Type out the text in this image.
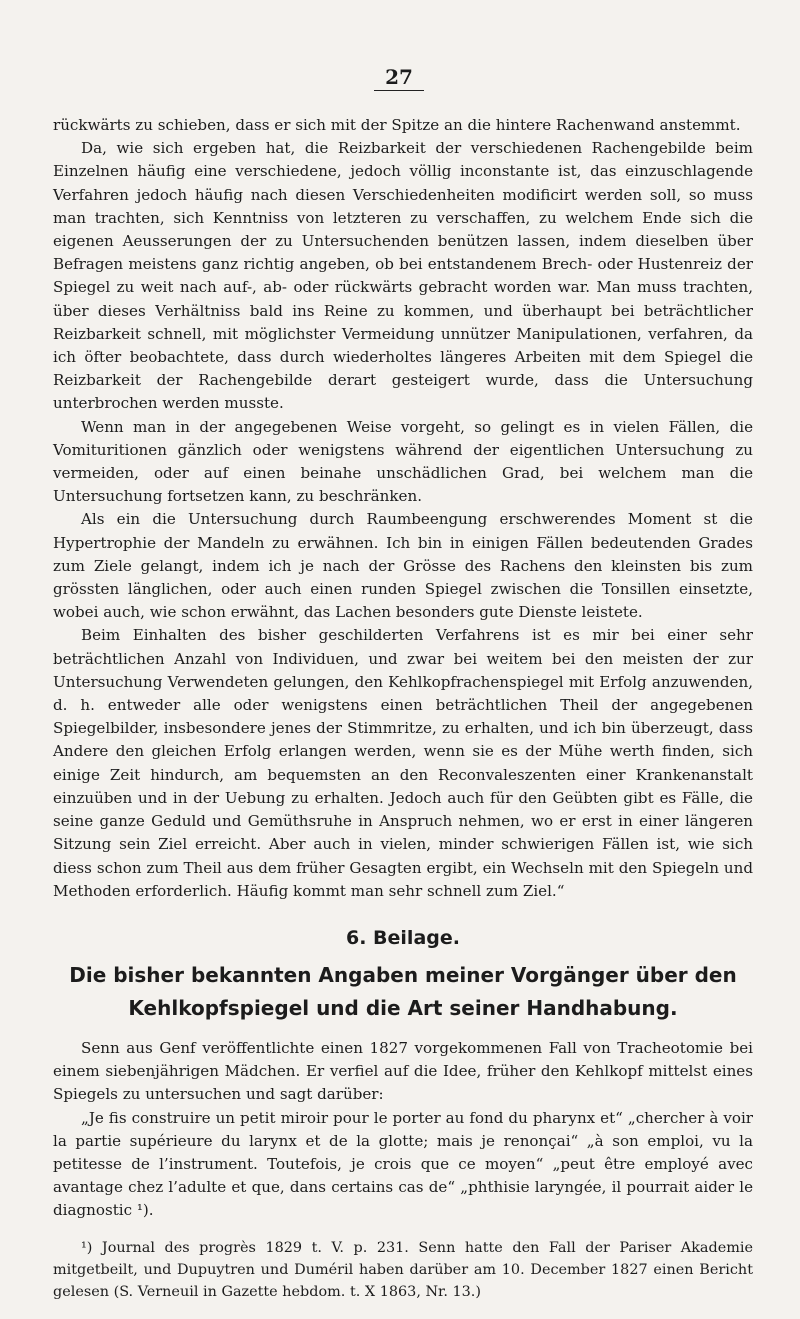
27

rückwärts zu schieben, dass er sich mit der Spitze an die hintere Rachenwand anstemmt.

Da, wie sich ergeben hat, die Reizbarkeit der verschiedenen Rachengebilde beim Einzelnen häufig eine verschiedene, jedoch völlig inconstante ist, das einzuschlagende Verfahren jedoch häufig nach diesen Verschiedenheiten modificirt werden soll, so muss man trachten, sich Kenntniss von letzteren zu verschaffen, zu welchem Ende sich die eigenen Aeusserungen der zu Untersuchenden benützen lassen, indem dieselben über Befragen meistens ganz richtig angeben, ob bei entstandenem Brech- oder Hustenreiz der Spiegel zu weit nach auf-, ab- oder rückwärts gebracht worden war. Man muss trachten, über dieses Verhältniss bald ins Reine zu kommen, und überhaupt bei beträchtlicher Reizbarkeit schnell, mit möglichster Vermeidung unnützer Manipulationen, verfahren, da ich öfter beobachtete, dass durch wiederholtes längeres Arbeiten mit dem Spiegel die Reizbarkeit der Rachengebilde derart gesteigert wurde, dass die Untersuchung unterbrochen werden musste.

Wenn man in der angegebenen Weise vorgeht, so gelingt es in vielen Fällen, die Vomituritionen gänzlich oder wenigstens während der eigentlichen Untersuchung zu vermeiden, oder auf einen beinahe unschädlichen Grad, bei welchem man die Untersuchung fortsetzen kann, zu beschränken.

Als ein die Untersuchung durch Raumbeengung erschwerendes Moment st die Hypertrophie der Mandeln zu erwähnen. Ich bin in einigen Fällen bedeutenden Grades zum Ziele gelangt, indem ich je nach der Grösse des Rachens den kleinsten bis zum grössten länglichen, oder auch einen runden Spiegel zwischen die Tonsillen einsetzte, wobei auch, wie schon erwähnt, das Lachen besonders gute Dienste leistete.

Beim Einhalten des bisher geschilderten Verfahrens ist es mir bei einer sehr beträchtlichen Anzahl von Individuen, und zwar bei weitem bei den meisten der zur Untersuchung Verwendeten gelungen, den Kehlkopfrachenspiegel mit Erfolg anzuwenden, d. h. entweder alle oder wenigstens einen beträchtlichen Theil der angegebenen Spiegelbilder, insbesondere jenes der Stimmritze, zu erhalten, und ich bin überzeugt, dass Andere den gleichen Erfolg erlangen werden, wenn sie es der Mühe werth finden, sich einige Zeit hindurch, am bequemsten an den Reconvaleszenten einer Krankenanstalt einzuüben und in der Uebung zu erhalten. Jedoch auch für den Geübten gibt es Fälle, die seine ganze Geduld und Gemüthsruhe in Anspruch nehmen, wo er erst in einer längeren Sitzung sein Ziel erreicht. Aber auch in vielen, minder schwierigen Fällen ist, wie sich diess schon zum Theil aus dem früher Gesagten ergibt, ein Wechseln mit den Spiegeln und Methoden erforderlich. Häufig kommt man sehr schnell zum Ziel.“

6. Beilage.
Die bisher bekannten Angaben meiner Vorgänger über den Kehlkopfspiegel und die Art seiner Handhabung.

Senn aus Genf veröffentlichte einen 1827 vorgekommenen Fall von Tracheotomie bei einem siebenjährigen Mädchen. Er verfiel auf die Idee, früher den Kehlkopf mittelst eines Spiegels zu untersuchen und sagt darüber:

„Je fis construire un petit miroir pour le porter au fond du pharynx et“ „chercher à voir la partie supérieure du larynx et de la glotte; mais je renonçai“ „à son emploi, vu la petitesse de l’instrument. Toutefois, je crois que ce moyen“ „peut être employé avec avantage chez l’adulte et que, dans certains cas de“ „phthisie laryngée, il pourrait aider le diagnostic ¹).

¹) Journal des progrès 1829 t. V. p. 231. Senn hatte den Fall der Pariser Akademie mitgetbeilt, und Dupuytren und Duméril haben darüber am 10. December 1827 einen Bericht gelesen (S. Verneuil in Gazette hebdom. t. X 1863, Nr. 13.)
